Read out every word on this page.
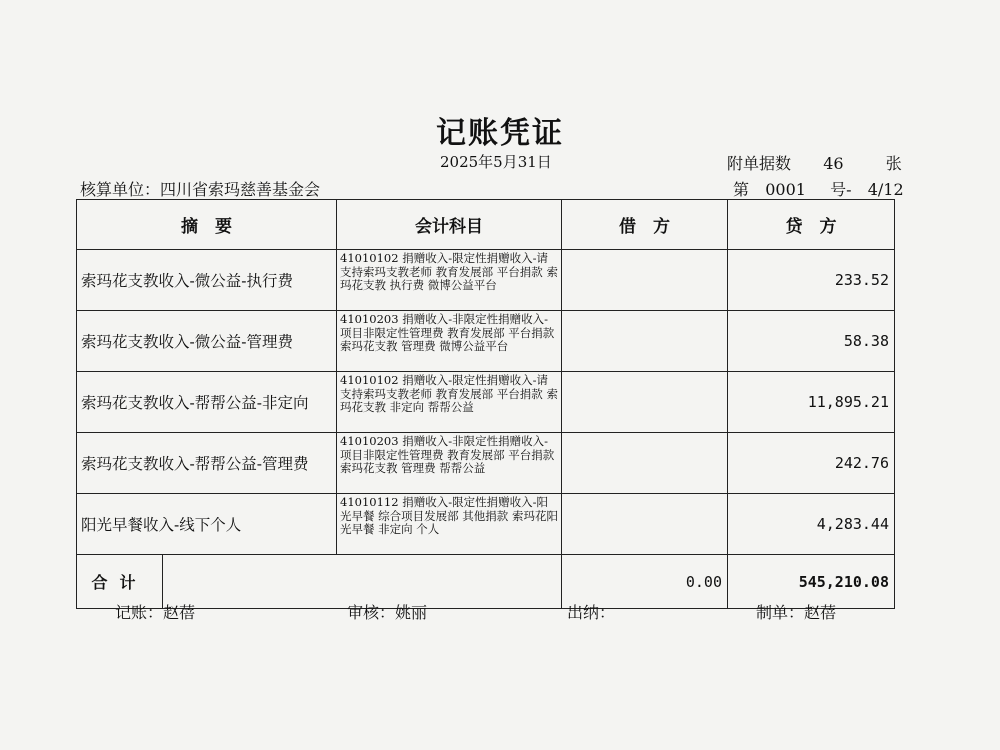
记账凭证
2025年5月31日	附单据数 46	张
核算单位：四川省索玛慈善基金会	第 0001 号- 4/12
摘　要		会计科目	借　方	贷　方
索玛花支教收入-微公益-执行费		41010102 捐赠收入-限定性捐赠收入-请支持索玛支教老师 教育发展部 平台捐款 索玛花支教 执行费 微博公益平台		233.52
索玛花支教收入-微公益-管理费		41010203 捐赠收入-非限定性捐赠收入-项目非限定性管理费 教育发展部 平台捐款 索玛花支教 管理费 微博公益平台		58.38
索玛花支教收入-帮帮公益-非定向		41010102 捐赠收入-限定性捐赠收入-请支持索玛支教老师 教育发展部 平台捐款 索玛花支教 非定向 帮帮公益		11,895.21
索玛花支教收入-帮帮公益-管理费		41010203 捐赠收入-非限定性捐赠收入-项目非限定性管理费 教育发展部 平台捐款 索玛花支教 管理费 帮帮公益		242.76
阳光早餐收入-线下个人		41010112 捐赠收入-限定性捐赠收入-阳光早餐 综合项目发展部 其他捐款 索玛花阳光早餐 非定向 个人		4,283.44
合计			0.00	545,210.08
记账：赵蓓	审核：姚丽	出纳：	制单：赵蓓
